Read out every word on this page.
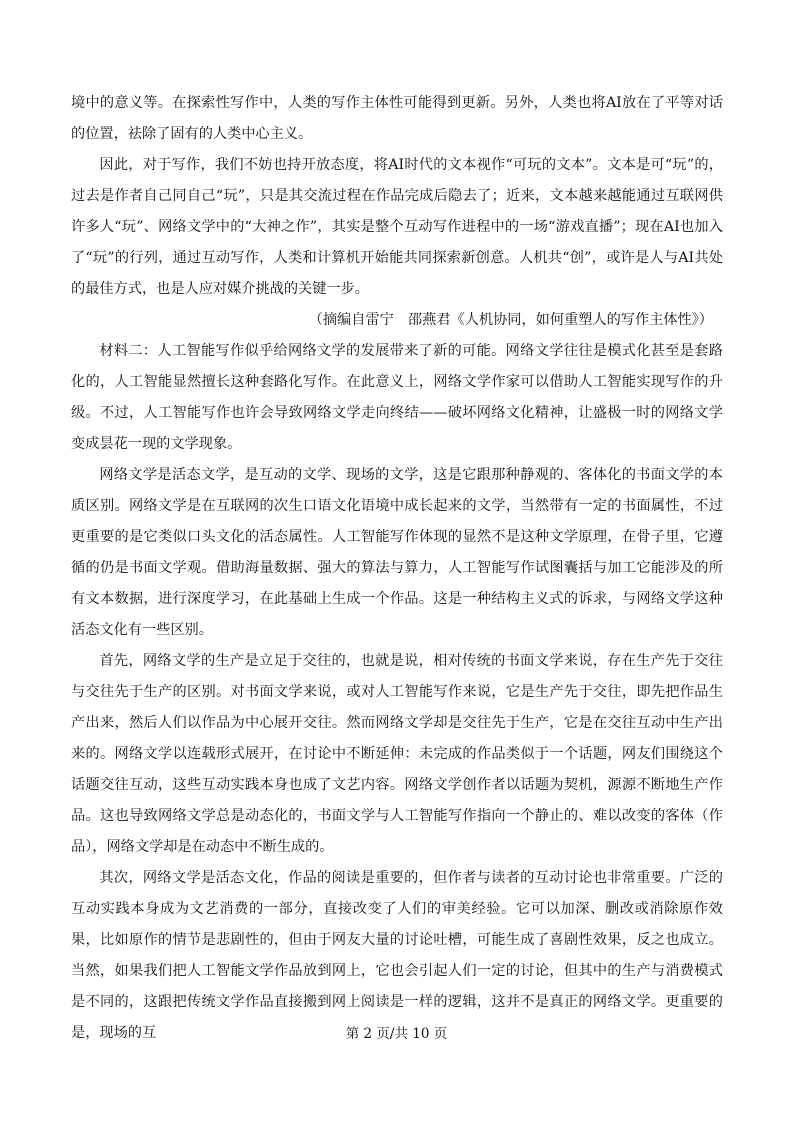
境中的意义等。在探索性写作中，人类的写作主体性可能得到更新。另外，人类也将AI放在了平等对话的位置，祛除了固有的人类中心主义。

因此，对于写作，我们不妨也持开放态度，将AI时代的文本视作“可玩的文本”。文本是可“玩”的，过去是作者自己同自己“玩”，只是其交流过程在作品完成后隐去了；近来，文本越来越能通过互联网供许多人“玩”、网络文学中的“大神之作”，其实是整个互动写作进程中的一场“游戏直播”；现在AI也加入了“玩”的行列，通过互动写作，人类和计算机开始能共同探索新创意。人机共“创”，或许是人与AI共处的最佳方式，也是人应对媒介挑战的关键一步。

（摘编自雷宁　邵燕君《人机协同，如何重塑人的写作主体性》）

材料二：人工智能写作似乎给网络文学的发展带来了新的可能。网络文学往往是模式化甚至是套路化的，人工智能显然擅长这种套路化写作。在此意义上，网络文学作家可以借助人工智能实现写作的升级。不过，人工智能写作也许会导致网络文学走向终结——破坏网络文化精神，让盛极一时的网络文学变成昙花一现的文学现象。

网络文学是活态文学，是互动的文学、现场的文学，这是它跟那种静观的、客体化的书面文学的本质区别。网络文学是在互联网的次生口语文化语境中成长起来的文学，当然带有一定的书面属性，不过更重要的是它类似口头文化的活态属性。人工智能写作体现的显然不是这种文学原理，在骨子里，它遵循的仍是书面文学观。借助海量数据、强大的算法与算力，人工智能写作试图囊括与加工它能涉及的所有文本数据，进行深度学习，在此基础上生成一个作品。这是一种结构主义式的诉求，与网络文学这种活态文化有一些区别。

首先，网络文学的生产是立足于交往的，也就是说，相对传统的书面文学来说，存在生产先于交往与交往先于生产的区别。对书面文学来说，或对人工智能写作来说，它是生产先于交往，即先把作品生产出来，然后人们以作品为中心展开交往。然而网络文学却是交往先于生产，它是在交往互动中生产出来的。网络文学以连载形式展开，在讨论中不断延伸：未完成的作品类似于一个话题，网友们围绕这个话题交往互动，这些互动实践本身也成了文艺内容。网络文学创作者以话题为契机，源源不断地生产作品。这也导致网络文学总是动态化的，书面文学与人工智能写作指向一个静止的、难以改变的客体（作品），网络文学却是在动态中不断生成的。

其次，网络文学是活态文化，作品的阅读是重要的，但作者与读者的互动讨论也非常重要。广泛的互动实践本身成为文艺消费的一部分，直接改变了人们的审美经验。它可以加深、删改或消除原作效果，比如原作的情节是悲剧性的，但由于网友大量的讨论吐槽，可能生成了喜剧性效果，反之也成立。当然，如果我们把人工智能文学作品放到网上，它也会引起人们一定的讨论，但其中的生产与消费模式是不同的，这跟把传统文学作品直接搬到网上阅读是一样的逻辑，这并不是真正的网络文学。更重要的是，现场的互	第 2 页/共 10 页
